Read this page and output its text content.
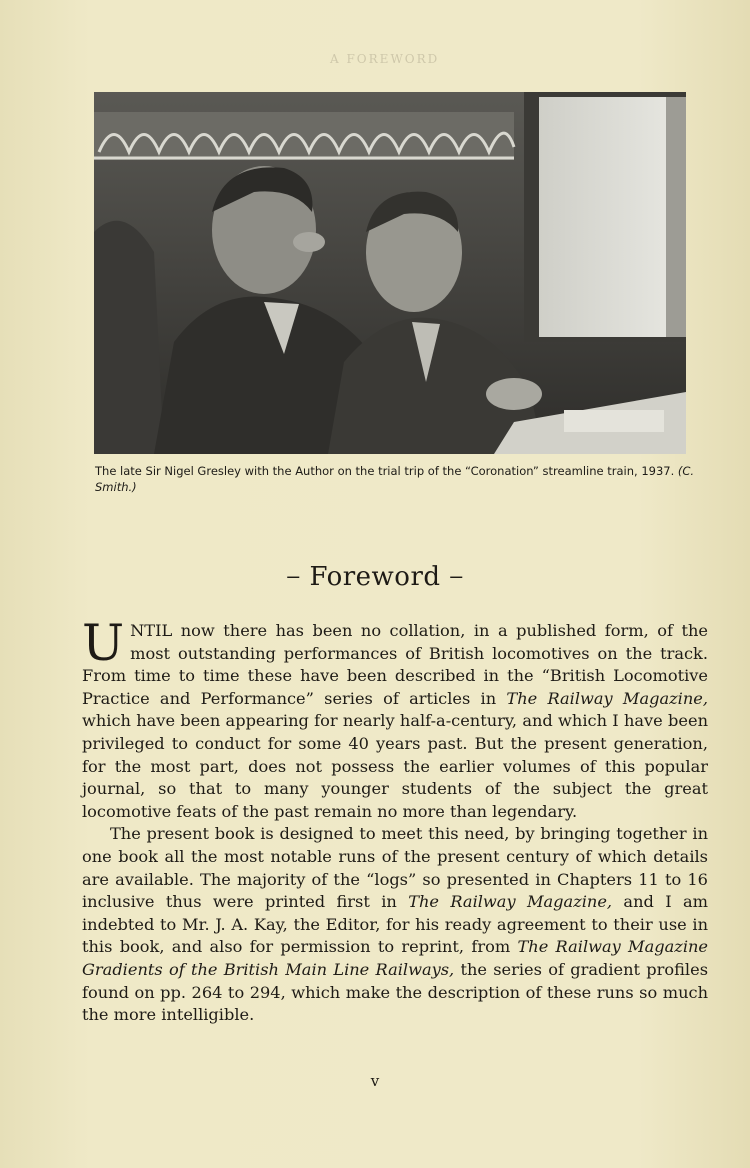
A FOREWORD
The late Sir Nigel Gresley with the Author on the trial trip of the “Coronation” streamline train, 1937. (C. Smith.)
‒ Foreword ‒

UNTIL now there has been no collation, in a published form, of the most outstanding performances of British locomotives on the track. From time to time these have been described in the “British Locomotive Practice and Performance” series of articles in The Railway Magazine, which have been appearing for nearly half-a-century, and which I have been privileged to conduct for some 40 years past. But the present generation, for the most part, does not possess the earlier volumes of this popular journal, so that to many younger students of the subject the great locomotive feats of the past remain no more than legendary.

The present book is designed to meet this need, by bringing together in one book all the most notable runs of the present century of which details are available. The majority of the “logs” so presented in Chapters 11 to 16 inclusive thus were printed first in The Railway Magazine, and I am indebted to Mr. J. A. Kay, the Editor, for his ready agreement to their use in this book, and also for permission to reprint, from The Railway Magazine Gradients of the British Main Line Railways, the series of gradient profiles found on pp. 264 to 294, which make the description of these runs so much the more intelligible.

v
